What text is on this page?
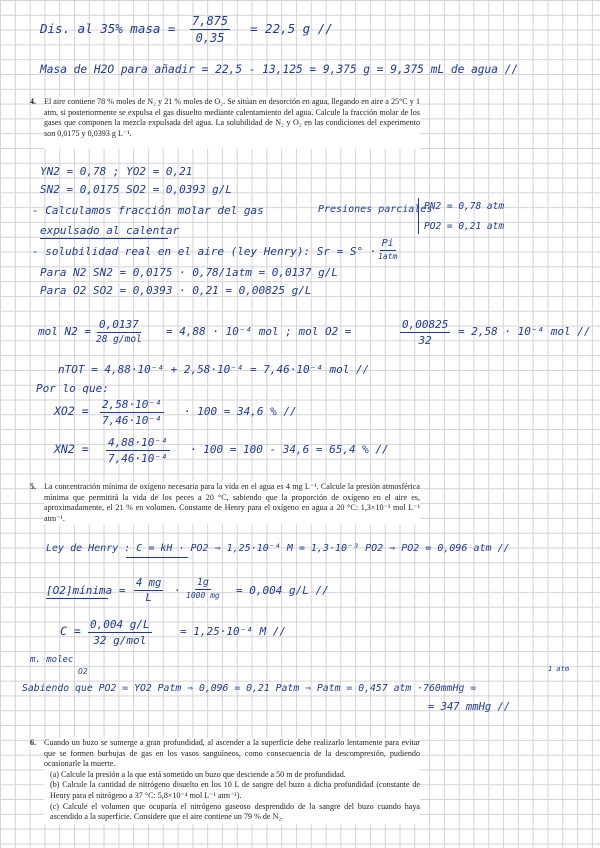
Dis. al 35% masa = $\frac{7,875}{0,35} = 22,5$ g //
Masa de H2O para añadir = 22,5 - 13,125 = 9,375 g = 9,375 mL de agua //
4. El aire contiene 78 % moles de N₂ y 21 % moles de O₂. Se sitúan en desorción en agua, llegando en aire a 25°C y 1 atm, si posteriormente se expulsa el gas disuelto mediante calentamiento del agua. Calcule la fracción molar de los gases que componen la mezcla expulsada del agua. La solubilidad de N₂ y O₂ en las condiciones del experimento son 0,0175 y 0,0393 g L⁻¹.

YN2 = 0,78 ; YO2 = 0,21
SN2 = 0,0175 SO2 = 0,0393 g/L
- Calculamos fracción molar del gas
expulsado al calentar
Presiones parciales
PN2 = 0,78 atm
PO2 = 0,21 atm
- solubilidad real en el aire (ley Henry): Sr = S° ·
Pi
1atm
Para N2 SN2 = 0,0175 · 0,78/1atm = 0,0137 g/L
Para O2 SO2 = 0,0393 · 0,21 = 0,00825 g/L
mol N2 =
0,0137
28 g/mol
= 4,88 · 10⁻⁴ mol ; mol O2 =	$\frac{0,00825}{32} = 2,58 \cdot 10^{-4}$ mol //
nTOT = 4,88·10⁻⁴ + 2,58·10⁻⁴ = 7,46·10⁻⁴ mol //
Por lo que:
$XO2 = \frac{\text{2,58·10⁻⁴}}{\text{7,46·10⁻⁴}} \cdot 100 = 34,6$ % //
$XN2 = \frac{\text{4,88·10⁻⁴}}{\text{7,46·10⁻⁴}} \cdot 100 = 100 - 34,6 = 65,4$ % //
5. La concentración mínima de oxígeno necesaria para la vida en el agua es 4 mg L⁻¹. Calcule la presión atmosférica mínima que permitirá la vida de los peces a 20 °C, sabiendo que la proporción de oxígeno en el aire es, aproximadamente, el 21 % en volumen. Constante de Henry para el oxígeno en agua a 20 °C: 1,3×10⁻³ mol L⁻¹ atm⁻¹.

Ley de Henry : C = kH · PO2 ⇒ 1,25·10⁻⁴ M = 1,3·10⁻³ PO2 ⇒ PO2 = 0,096 atm //
[O2]mínima = $\frac{4 mg}{L}$ ·
1g
1000 mg = 0,004 g/L //
C = 0,004 g/L
32 g/mol
= 1,25·10⁻⁴ M //
m. molec
O2	1 atm
Sabiendo que PO2 = YO2 Patm ⇒ 0,096 = 0,21 Patm ⇒ Patm = 0,457 atm ·760mmHg =
= 347 mmHg //
6. Cuando un buzo se sumerge a gran profundidad, al ascender a la superficie debe realizarlo lentamente para evitar que se formen burbujas de gas en los vasos sanguíneos, como consecuencia de la descompresión, pudiendo ocasionarle la muerte.

(a) Calcule la presión a la que está sometido un buzo que desciende a 50 m de profundidad.

(b) Calcule la cantidad de nitrógeno disuelto en los 10 L de sangre del buzo a dicha profundidad (constante de Henry para el nitrógeno a 37 °C: 5,8×10⁻⁴ mol L⁻¹ atm⁻¹).

(c) Calcule el volumen que ocuparía el nitrógeno gaseoso desprendido de la sangre del buzo cuando haya ascendido a la superficie. Considere que el aire contiene un 79 % de N₂.
